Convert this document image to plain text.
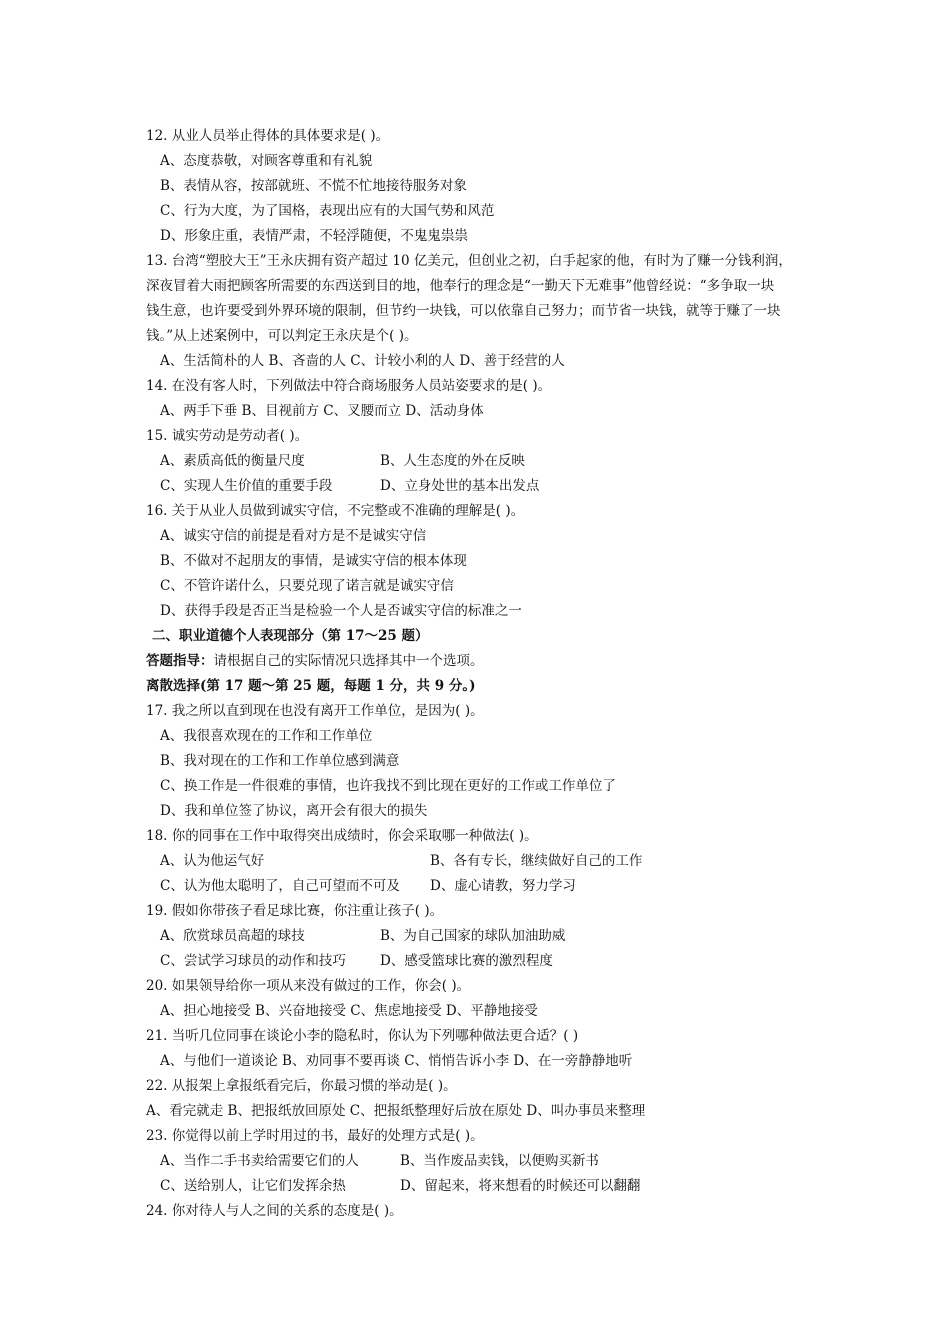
12. 从业人员举止得体的具体要求是( )。
A、态度恭敬，对顾客尊重和有礼貌
B、表情从容，按部就班、不慌不忙地接待服务对象
C、行为大度，为了国格，表现出应有的大国气势和风范
D、形象庄重，表情严肃，不轻浮随便，不鬼鬼祟祟
13. 台湾“塑胶大王”王永庆拥有资产超过 10 亿美元，但创业之初，白手起家的他，有时为了赚一分钱利润，
深夜冒着大雨把顾客所需要的东西送到目的地，他奉行的理念是“一勤天下无难事”他曾经说：“多争取一块
钱生意，也许要受到外界环境的限制，但节约一块钱，可以依靠自己努力；而节省一块钱，就等于赚了一块
钱。”从上述案例中，可以判定王永庆是个( )。
A、生活简朴的人 B、吝啬的人 C、计较小利的人 D、善于经营的人
14. 在没有客人时，下列做法中符合商场服务人员站姿要求的是( )。
A、两手下垂 B、目视前方 C、叉腰而立 D、活动身体
15. 诚实劳动是劳动者( )。
A、素质高低的衡量尺度	B、人生态度的外在反映
C、实现人生价值的重要手段	D、立身处世的基本出发点
16. 关于从业人员做到诚实守信，不完整或不准确的理解是( )。
A、诚实守信的前提是看对方是不是诚实守信
B、不做对不起朋友的事情，是诚实守信的根本体现
C、不管许诺什么，只要兑现了诺言就是诚实守信
D、获得手段是否正当是检验一个人是否诚实守信的标准之一
二、职业道德个人表现部分（第 17～25 题）
答题指导：请根据自己的实际情况只选择其中一个选项。
离散选择(第 17 题～第 25 题，每题 1 分，共 9 分。)
17. 我之所以直到现在也没有离开工作单位，是因为( )。
A、我很喜欢现在的工作和工作单位
B、我对现在的工作和工作单位感到满意
C、换工作是一件很难的事情，也许我找不到比现在更好的工作或工作单位了
D、我和单位签了协议，离开会有很大的损失
18. 你的同事在工作中取得突出成绩时，你会采取哪一种做法( )。
A、认为他运气好	B、各有专长，继续做好自己的工作
C、认为他太聪明了，自己可望而不可及 D、虚心请教，努力学习
19. 假如你带孩子看足球比赛，你注重让孩子( )。
A、欣赏球员高超的球技	B、为自己国家的球队加油助威
C、尝试学习球员的动作和技巧	D、感受篮球比赛的激烈程度
20. 如果领导给你一项从来没有做过的工作，你会( )。
A、担心地接受 B、兴奋地接受 C、焦虑地接受 D、平静地接受
21. 当听几位同事在谈论小李的隐私时，你认为下列哪种做法更合适？( )
A、与他们一道谈论 B、劝同事不要再谈 C、悄悄告诉小李 D、在一旁静静地听
22. 从报架上拿报纸看完后，你最习惯的举动是( )。
A、看完就走 B、把报纸放回原处 C、把报纸整理好后放在原处 D、叫办事员来整理
23. 你觉得以前上学时用过的书，最好的处理方式是( )。
A、当作二手书卖给需要它们的人	B、当作废品卖钱，以便购买新书
C、送给别人，让它们发挥余热	D、留起来，将来想看的时候还可以翻翻
24. 你对待人与人之间的关系的态度是( )。
